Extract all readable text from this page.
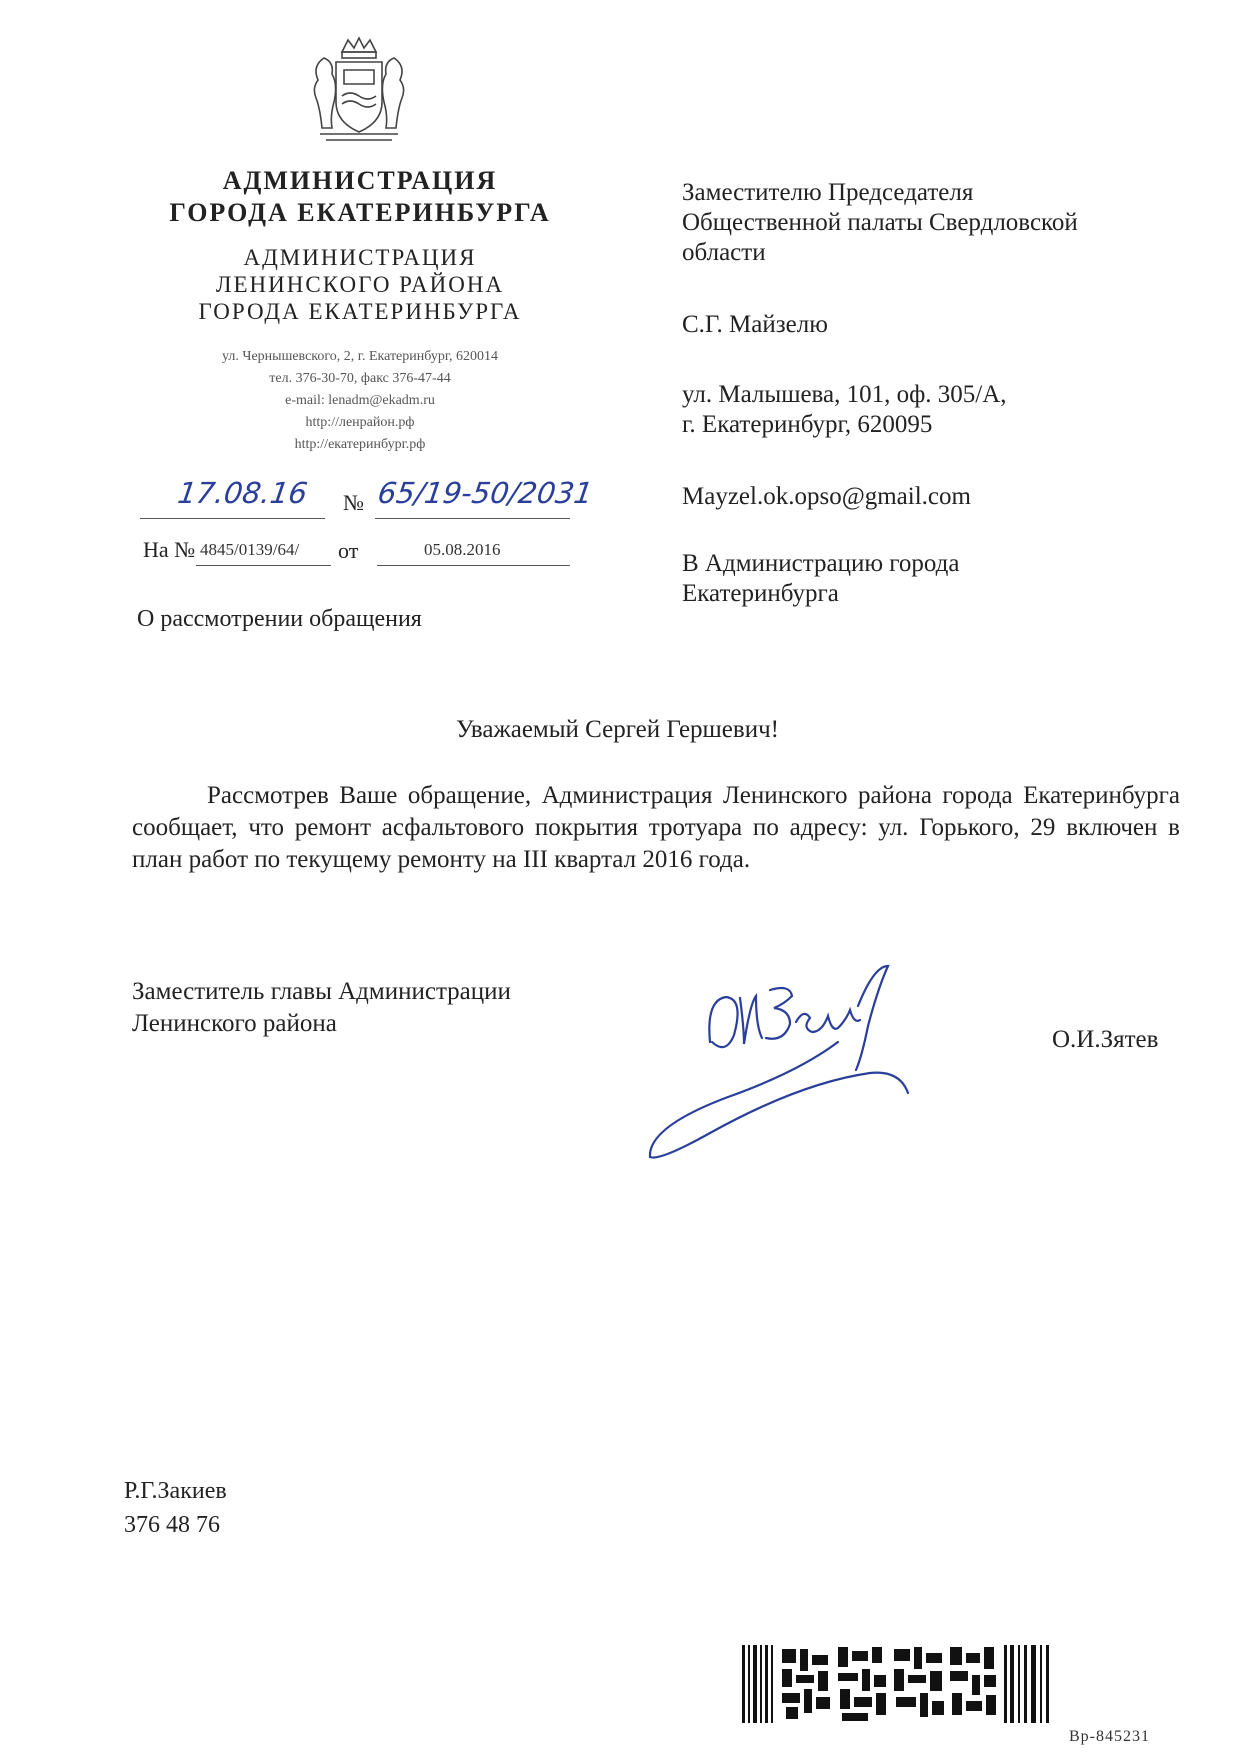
АДМИНИСТРАЦИЯ
ГОРОДА ЕКАТЕРИНБУРГА
АДМИНИСТРАЦИЯ
ЛЕНИНСКОГО РАЙОНА
ГОРОДА ЕКАТЕРИНБУРГА
ул. Чернышевского, 2, г. Екатеринбург, 620014
тел. 376-30-70, факс 376-47-44
e-mail: lenadm@ekadm.ru
http://ленрайон.рф
http://екатеринбург.рф
17.08.16 № 65/19-50/2031
На № 4845/0139/64/ от	05.08.2016
Заместителю Председателя
Общественной палаты Свердловской
области
С.Г. Майзелю
ул. Малышева, 101, оф. 305/А,
г. Екатеринбург, 620095
Mayzel.ok.opso@gmail.com
В Администрацию города
Екатеринбурга
О рассмотрении обращения
Уважаемый Сергей Гершевич!
Рассмотрев Ваше обращение, Администрация Ленинского района города Екатеринбурга сообщает, что ремонт асфальтового покрытия тротуара по адресу: ул. Горького, 29 включен в план работ по текущему ремонту на III квартал 2016 года.
Заместитель главы Администрации
Ленинского района
О.И.Зятев
Р.Г.Закиев
376 48 76
Вр-845231
